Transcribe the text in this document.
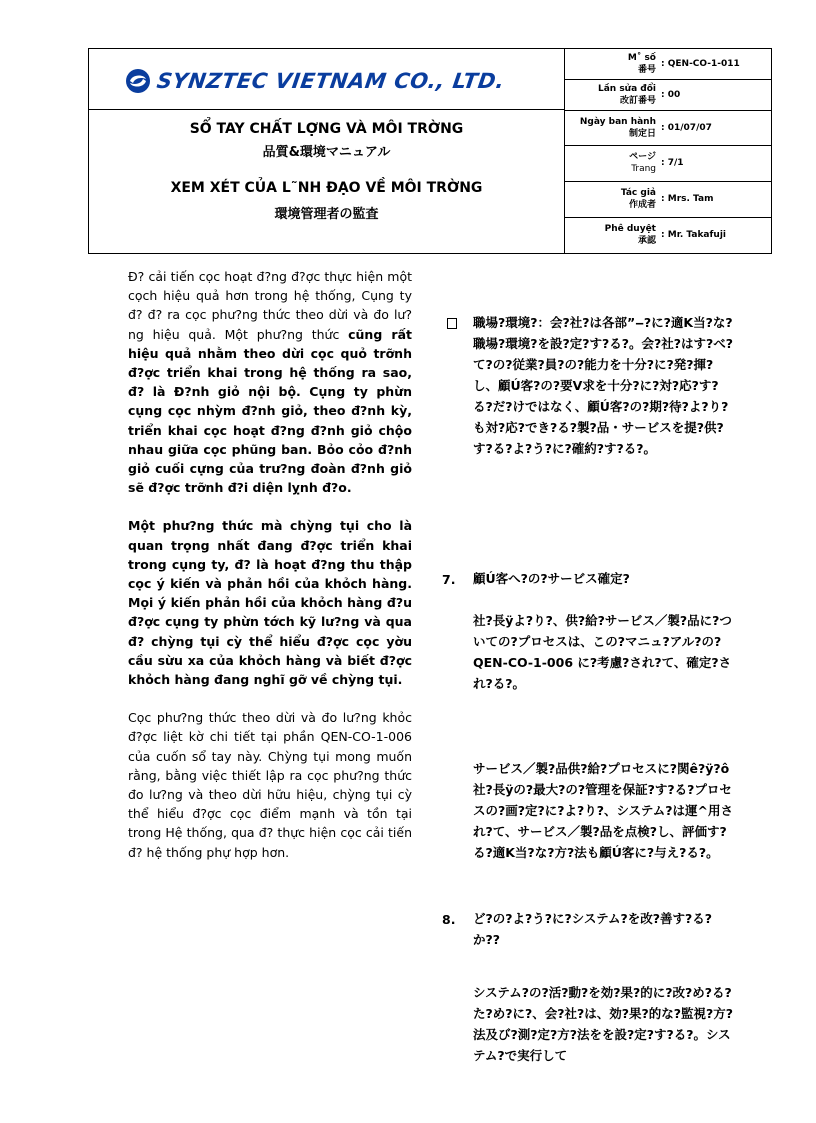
SYNZTEC VIETNAM CO., LTD.
SỔ TAY CHẤT LỢNG VÀ MÔI TRỜNG
品質&環境マニュアル
XEM XÉT CỦA L˜NH ĐẠO VỀ MÔI TRỜNG
環境管理者の監査
M˚ số
番号
: QEN-CO-1-011
Lần sửa đổi
改訂番号
: 00
Ngày ban hành
制定日
: 01/07/07
ページ
Trang
: 7/1
Tác giả
作成者
: Mrs. Tam
Phê duyệt
承認
: Mr. Takafuji

Đ? cải tiến cọc hoạt đ?ng đ?ợc thực hiện một cọch hiệu quả hơn trong hệ thống, Cụng ty đ? đ? ra cọc phư?ng thức theo dừi và đo lư?ng hiệu quả. Một phư?ng thức cũng rất hiệu quả nhằm theo dừi cọc quỏ trỡnh đ?ợc triển khai trong hệ thống ra sao, đ? là Đ?nh giỏ nội bộ. Cụng ty phừn cụng cọc nhỳm đ?nh giỏ, theo đ?nh kỳ, triển khai cọc hoạt đ?ng đ?nh giỏ chộo nhau giữa cọc phũng ban. Bỏo cỏo đ?nh giỏ cuối cựng của trư?ng đoàn đ?nh giỏ sẽ đ?ợc trỡnh đ?i diện lỵnh đ?o.

Một phư?ng thức mà chỳng tụi cho là quan trọng nhất đang đ?ợc triển khai trong cụng ty, đ? là hoạt đ?ng thu thập cọc ý kiến và phản hồi của khỏch hàng. Mọi ý kiến phản hồi của khỏch hàng đ?u đ?ợc cụng ty phừn tớch kỹ lư?ng và qua đ? chỳng tụi cỳ thể hiểu đ?ợc cọc yờu cầu sừu xa của khỏch hàng và biết đ?ợc khỏch hàng đang nghĩ gỡ về chỳng tụi.

Cọc phư?ng thức theo dừi và đo lư?ng khỏc đ?ợc liệt kờ chi tiết tại phần QEN-CO-1-006 của cuốn sổ tay này. Chỳng tụi mong muốn rằng, bằng việc thiết lập ra cọc phư?ng thức đo lư?ng và theo dừi hữu hiệu, chỳng tụi cỳ thể hiểu đ?ợc cọc điểm mạnh và tồn tại trong Hệ thống, qua đ? thực hiện cọc cải tiến đ? hệ thống phự hợp hơn.

職場?環境?：会?社?は各部”‒?に?適K当?な?職場?環境?を設?定?す?る?。会?社?はす?べ?て?の?従業?員?の?能力を十分?に?発?揮?し、顧Ú客?の?要V求を十分?に?対?応?す?る?だ?けではなく、顧Ú客?の?期?待?よ?り?も対?応?でき?る?製?品・サービスを提?供?す?る?よ?う?に?確約?す?る?。
7. 顧Ú客へ?の?サービス確定?
社?長ÿよ?り?、供?給?サービス／製?品に?ついての?プロセスは、この?マニュ?アル?の?QEN-CO-1-006 に?考慮?され?て、確定?され?る?。
サービス／製?品供?給?プロセスに?関ê?ÿ?ô社?長ÿの?最大?の?管理を保証?す?る?プロセスの?画?定?に?よ?り?、システム?は運^用され?て、サービス／製?品を点検?し、評価す?る?適K当?な?方?法も顧Ú客に?与え?る?。
8. ど?の?よ?う?に?システム?を改?善す?る?か??
システム?の?活?動?を効?果?的に?改?め?る?た?め?に?、会?社?は、効?果?的な?監視?方?法及び?測?定?方?法をを設?定?す?る?。システム?で実行して
